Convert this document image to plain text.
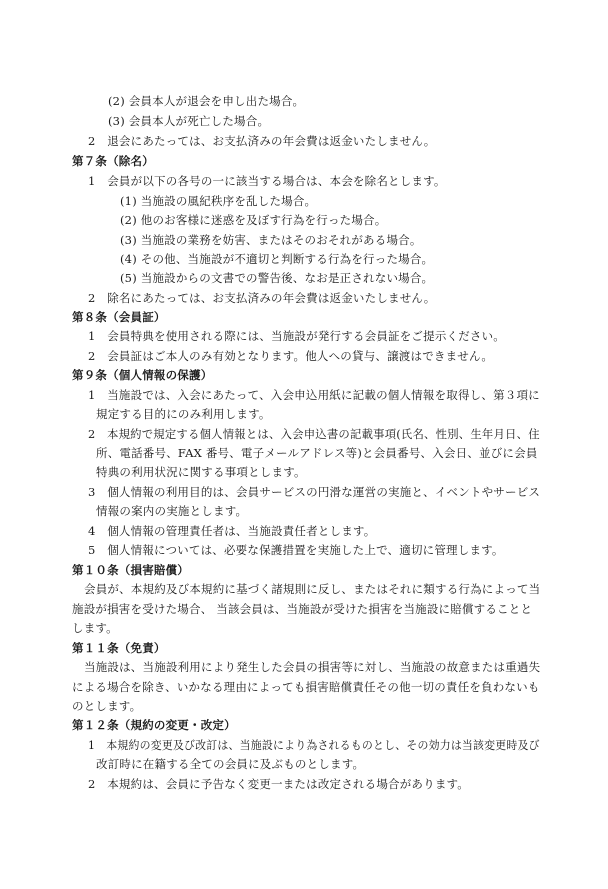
(2) 会員本人が退会を申し出た場合。
(3) 会員本人が死亡した場合。
2　退会にあたっては、お支払済みの年会費は返金いたしません。
第７条（除名）
1　会員が以下の各号の一に該当する場合は、本会を除名とします。
(1) 当施設の風紀秩序を乱した場合。
(2) 他のお客様に迷惑を及ぼす行為を行った場合。
(3) 当施設の業務を妨害、またはそのおそれがある場合。
(4) その他、当施設が不適切と判断する行為を行った場合。
(5) 当施設からの文書での警告後、なお是正されない場合。
2　除名にあたっては、お支払済みの年会費は返金いたしません。
第８条（会員証）
1　会員特典を使用される際には、当施設が発行する会員証をご提示ください。
2　会員証はご本人のみ有効となります。他人への貸与、譲渡はできません。
第９条（個人情報の保護）
1　当施設では、入会にあたって、入会申込用紙に記載の個人情報を取得し、第３項に
規定する目的にのみ利用します。
2　本規約で規定する個人情報とは、入会申込書の記載事項(氏名、性別、生年月日、住
所、電話番号、FAX 番号、電子メールアドレス等)と会員番号、入会日、並びに会員
特典の利用状況に関する事項とします。
3　個人情報の利用目的は、会員サービスの円滑な運営の実施と、イベントやサービス
情報の案内の実施とします。
4　個人情報の管理責任者は、当施設責任者とします。
5　個人情報については、必要な保護措置を実施した上で、適切に管理します。
第１０条（損害賠償）
会員が、本規約及び本規約に基づく諸規則に反し、またはそれに類する行為によって当
施設が損害を受けた場合、 当該会員は、当施設が受けた損害を当施設に賠償することと
します。
第１１条（免責）
当施設は、当施設利用により発生した会員の損害等に対し、当施設の故意または重過失
による場合を除き、いかなる理由によっても損害賠償責任その他一切の責任を負わないも
のとします。
第１２条（規約の変更・改定）
1　本規約の変更及び改訂は、当施設により為されるものとし、その効力は当該変更時及び
改訂時に在籍する全ての会員に及ぶものとします。
2　本規約は、会員に予告なく変更一または改定される場合があります。
